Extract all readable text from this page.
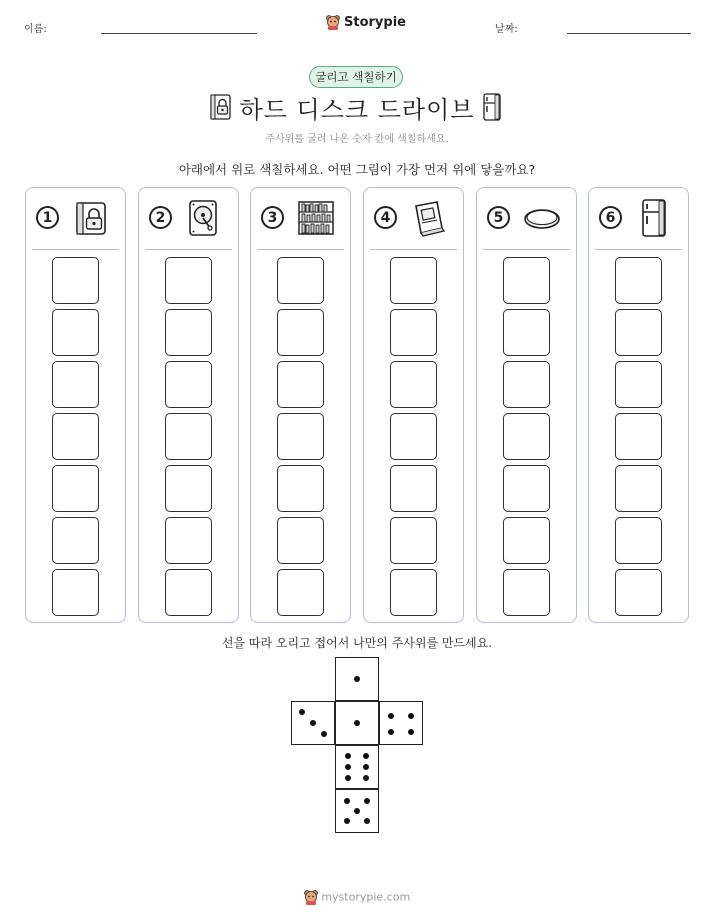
이름:	Storypie	날짜:
굴리고 색칠하기
하드 디스크 드라이브
주사위를 굴려 나온 숫자 칸에 색칠하세요.
아래에서 위로 색칠하세요. 어떤 그림이 가장 먼저 위에 닿을까요?
1	2	3	4	5	6
선을 따라 오리고 접어서 나만의 주사위를 만드세요.
mystorypie.com
